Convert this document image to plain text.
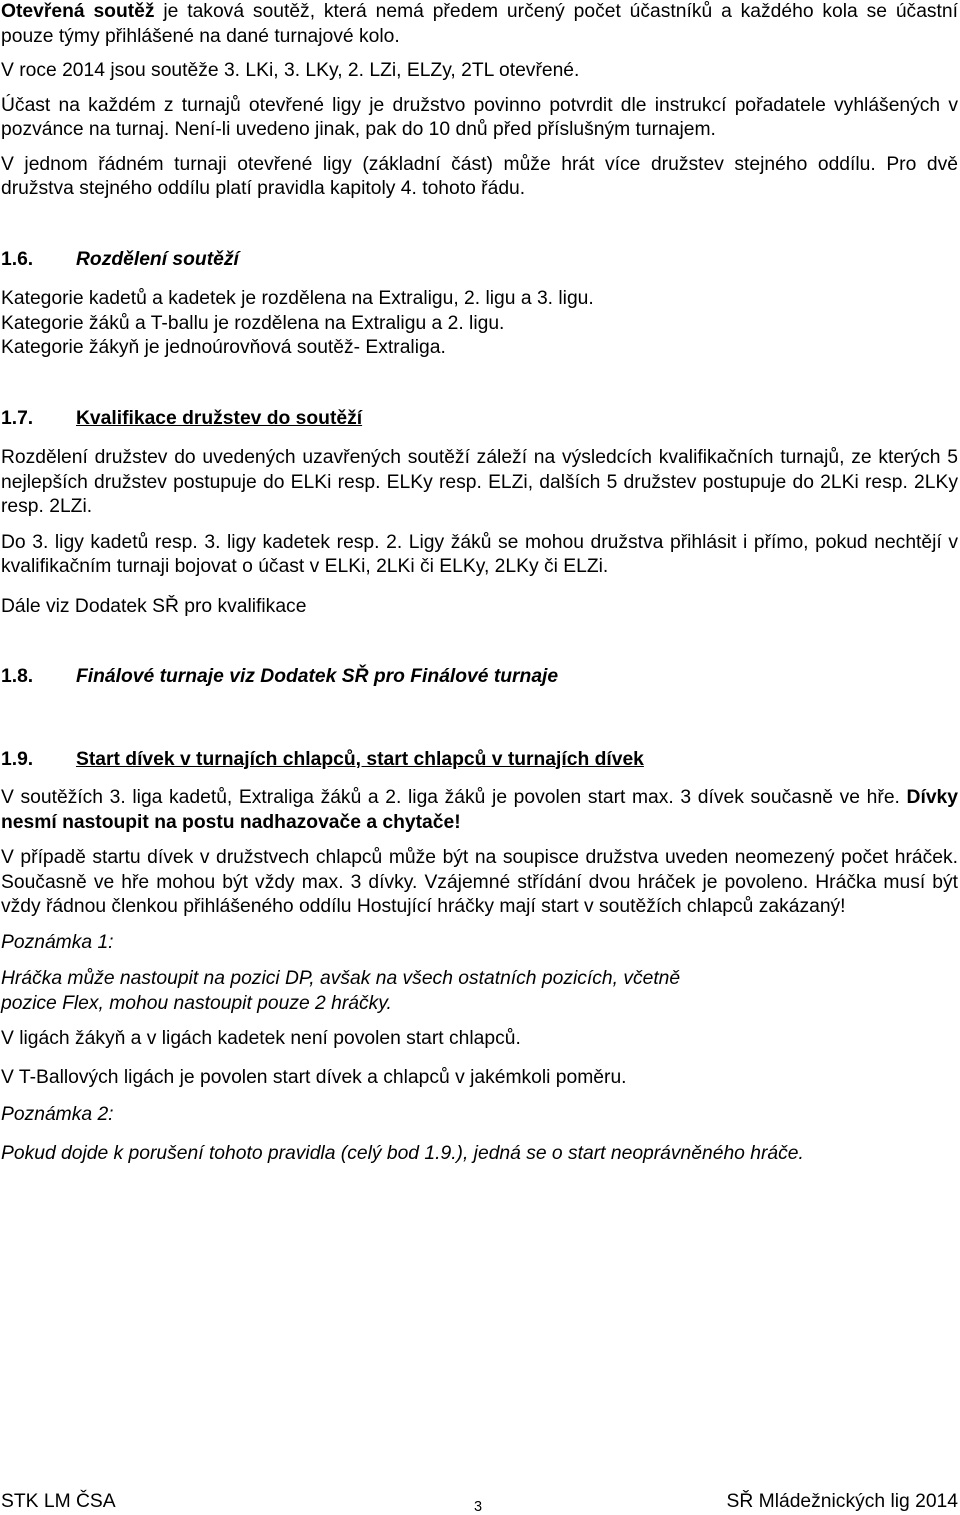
Otevřená soutěž je taková soutěž, která nemá předem určený počet účastníků a každého kola se účastní pouze týmy přihlášené na dané turnajové kolo.

V roce 2014 jsou soutěže 3. LKi, 3. LKy, 2. LZi, ELZy, 2TL otevřené.

Účast na každém z turnajů otevřené ligy je družstvo povinno potvrdit dle instrukcí pořadatele vyhlášených v pozvánce na turnaj. Není-li uvedeno jinak, pak do 10 dnů před příslušným turnajem.

V jednom řádném turnaji otevřené ligy (základní část) může hrát více družstev stejného oddílu. Pro dvě družstva stejného oddílu platí pravidla kapitoly 4. tohoto řádu.

1.6.	Rozdělení soutěží

Kategorie kadetů a kadetek je rozdělena na Extraligu, 2. ligu a 3. ligu.

Kategorie žáků a T-ballu je rozdělena na Extraligu a 2. ligu.

Kategorie žákyň je jednoúrovňová soutěž- Extraliga.

1.7.	Kvalifikace družstev do soutěží

Rozdělení družstev do uvedených uzavřených soutěží záleží na výsledcích kvalifikačních turnajů, ze kterých 5 nejlepších družstev postupuje do ELKi resp. ELKy resp. ELZi, dalších 5 družstev postupuje do 2LKi resp. 2LKy resp. 2LZi.

Do 3. ligy kadetů resp. 3. ligy kadetek resp. 2. Ligy žáků se mohou družstva přihlásit i přímo, pokud nechtějí v kvalifikačním turnaji bojovat o účast v ELKi, 2LKi či ELKy, 2LKy či ELZi.

Dále viz Dodatek SŘ pro kvalifikace

1.8.	Finálové turnaje viz Dodatek SŘ pro Finálové turnaje
1.9.	Start dívek v turnajích chlapců, start chlapců v turnajích dívek

V soutěžích 3. liga kadetů, Extraliga žáků a 2. liga žáků je povolen start max. 3 dívek současně ve hře. Dívky nesmí nastoupit na postu nadhazovače a chytače!

V případě startu dívek v družstvech chlapců může být na soupisce družstva uveden neomezený počet hráček. Současně ve hře mohou být vždy max. 3 dívky. Vzájemné střídání dvou hráček je povoleno. Hráčka musí být vždy řádnou členkou přihlášeného oddílu Hostující hráčky mají start v soutěžích chlapců zakázaný!

Poznámka 1:

Hráčka může nastoupit na pozici DP, avšak na všech ostatních pozicích, včetně

pozice Flex, mohou nastoupit pouze 2 hráčky.

V ligách žákyň a v ligách kadetek není povolen start chlapců.

V T-Ballových ligách je povolen start dívek a chlapců v jakémkoli poměru.

Poznámka 2:

Pokud dojde k porušení tohoto pravidla (celý bod 1.9.), jedná se o start neoprávněného hráče.

STK LM ČSA	3	SŘ Mládežnických lig 2014
